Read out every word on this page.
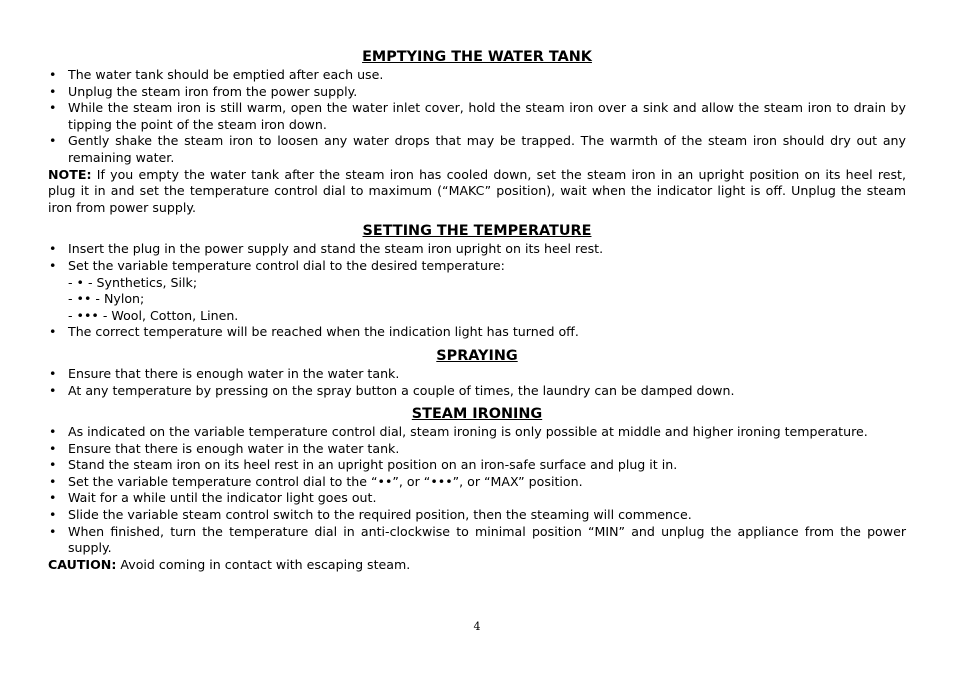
EMPTYING THE WATER TANK
• The water tank should be emptied after each use.
• Unplug the steam iron from the power supply.
• While the steam iron is still warm, open the water inlet cover, hold the steam iron over a sink and allow the steam iron to drain by tipping the point of the steam iron down.
• Gently shake the steam iron to loosen any water drops that may be trapped. The warmth of the steam iron should dry out any remaining water.

NOTE: If you empty the water tank after the steam iron has cooled down, set the steam iron in an upright position on its heel rest, plug it in and set the temperature control dial to maximum (“MAKC” position), wait when the indicator light is off. Unplug the steam iron from power supply.

SETTING THE TEMPERATURE
• Insert the plug in the power supply and stand the steam iron upright on its heel rest.
• Set the variable temperature control dial to the desired temperature:
- • - Synthetics, Silk;
- •• - Nylon;
- ••• - Wool, Cotton, Linen.
• The correct temperature will be reached when the indication light has turned off.
SPRAYING
• Ensure that there is enough water in the water tank.
• At any temperature by pressing on the spray button a couple of times, the laundry can be damped down.
STEAM IRONING
• As indicated on the variable temperature control dial, steam ironing is only possible at middle and higher ironing temperature.
• Ensure that there is enough water in the water tank.
• Stand the steam iron on its heel rest in an upright position on an iron-safe surface and plug it in.
• Set the variable temperature control dial to the “••”, or “•••”, or “MAX” position.
• Wait for a while until the indicator light goes out.
• Slide the variable steam control switch to the required position, then the steaming will commence.
• When finished, turn the temperature dial in anti-clockwise to minimal position “MIN” and unplug the appliance from the power supply.

CAUTION: Avoid coming in contact with escaping steam.

4
